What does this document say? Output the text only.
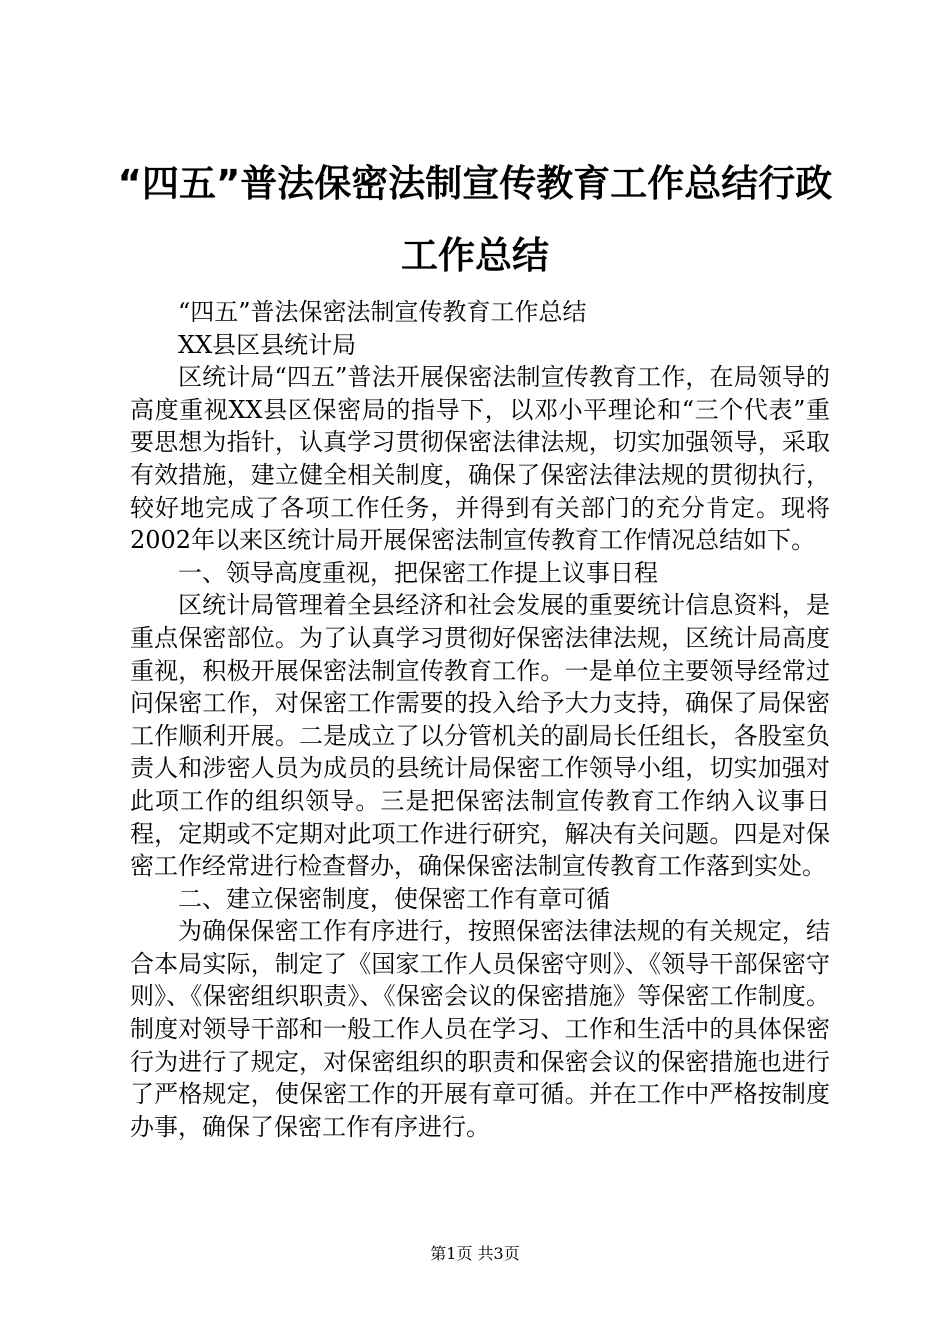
“四五”普法保密法制宣传教育工作总结行政工作总结

“四五”普法保密法制宣传教育工作总结

XX县区县统计局

区统计局“四五”普法开展保密法制宣传教育工作，在局领导的高度重视XX县区保密局的指导下，以邓小平理论和“三个代表”重要思想为指针，认真学习贯彻保密法律法规，切实加强领导，采取有效措施，建立健全相关制度，确保了保密法律法规的贯彻执行，较好地完成了各项工作任务，并得到有关部门的充分肯定。现将2002年以来区统计局开展保密法制宣传教育工作情况总结如下。

一、领导高度重视，把保密工作提上议事日程

区统计局管理着全县经济和社会发展的重要统计信息资料，是重点保密部位。为了认真学习贯彻好保密法律法规，区统计局高度重视，积极开展保密法制宣传教育工作。一是单位主要领导经常过问保密工作，对保密工作需要的投入给予大力支持，确保了局保密工作顺利开展。二是成立了以分管机关的副局长任组长，各股室负责人和涉密人员为成员的县统计局保密工作领导小组，切实加强对此项工作的组织领导。三是把保密法制宣传教育工作纳入议事日程，定期或不定期对此项工作进行研究，解决有关问题。四是对保密工作经常进行检查督办，确保保密法制宣传教育工作落到实处。

二、建立保密制度，使保密工作有章可循

为确保保密工作有序进行，按照保密法律法规的有关规定，结合本局实际，制定了《国家工作人员保密守则》、《领导干部保密守则》、《保密组织职责》、《保密会议的保密措施》等保密工作制度。制度对领导干部和一般工作人员在学习、工作和生活中的具体保密行为进行了规定，对保密组织的职责和保密会议的保密措施也进行了严格规定，使保密工作的开展有章可循。并在工作中严格按制度办事，确保了保密工作有序进行。

第1页 共3页
